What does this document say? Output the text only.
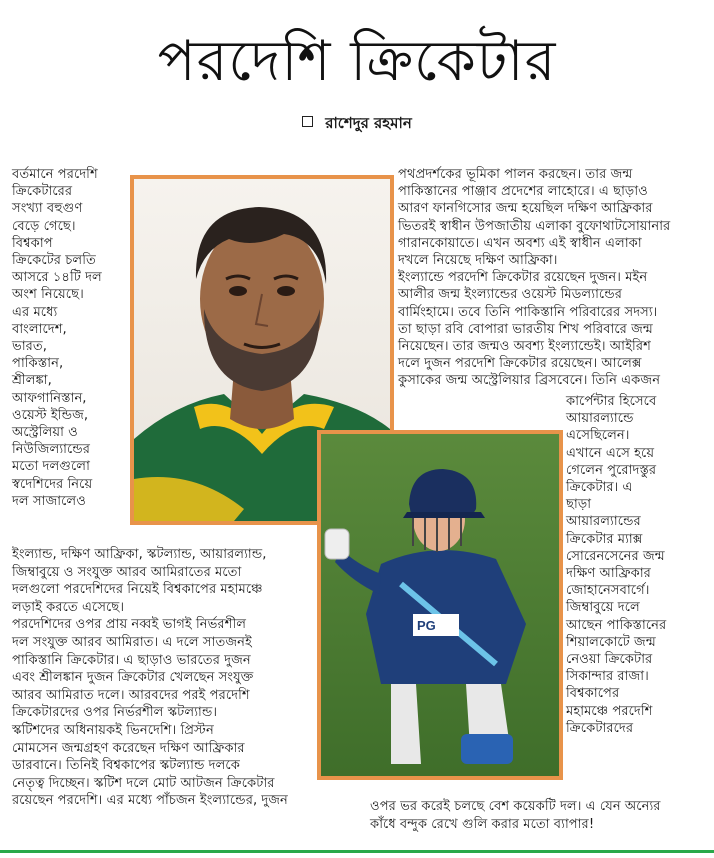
পরদেশি ক্রিকেটার
রাশেদুর রহমান
PG
বর্তমানে পরদেশি
ক্রিকেটারের
সংখ্যা বহুগুণ
বেড়ে গেছে।
বিশ্বকাপ
ক্রিকেটের চলতি
আসরে ১৪টি দল
অংশ নিয়েছে।
এর মধ্যে
বাংলাদেশ,
ভারত,
পাকিস্তান,
শ্রীলঙ্কা,
আফগানিস্তান,
ওয়েস্ট ইন্ডিজ,
অস্ট্রেলিয়া ও
নিউজিল্যান্ডের
মতো দলগুলো
স্বদেশিদের নিয়ে
দল সাজালেও
ইংল্যান্ড, দক্ষিণ আফ্রিকা, স্কটল্যান্ড, আয়ারল্যান্ড,
জিম্বাবুয়ে ও সংযুক্ত আরব আমিরাতের মতো
দলগুলো পরদেশিদের নিয়েই বিশ্বকাপের মহামঞ্চে
লড়াই করতে এসেছে।
পরদেশিদের ওপর প্রায় নব্বই ভাগই নির্ভরশীল
দল সংযুক্ত আরব আমিরাত। এ দলে সাতজনই
পাকিস্তানি ক্রিকেটার। এ ছাড়াও ভারতের দুজন
এবং শ্রীলঙ্কান দুজন ক্রিকেটার খেলছেন সংযুক্ত
আরব আমিরাত দলে। আরবদের পরই পরদেশি
ক্রিকেটারদের ওপর নির্ভরশীল স্কটল্যান্ড।
স্কটিশদের অধিনায়কই ভিনদেশি। প্রিস্টন
মোমসেন জন্মগ্রহণ করেছেন দক্ষিণ আফ্রিকার
ডারবানে। তিনিই বিশ্বকাপের স্কটল্যান্ড দলকে
নেতৃত্ব দিচ্ছেন। স্কটিশ দলে মোট আটজন ক্রিকেটার
রয়েছেন পরদেশি। এর মধ্যে পাঁচজন ইংল্যান্ডের, দুজন
পথপ্রদর্শকের ভূমিকা পালন করছেন। তার জন্ম
পাকিস্তানের পাঞ্জাব প্রদেশের লাহোরে। এ ছাড়াও
আরণ ফানগিসোর জন্ম হয়েছিল দক্ষিণ আফ্রিকার
ভিতরই স্বাধীন উপজাতীয় এলাকা বুফোথাটসোয়ানার
গারানকোয়াতে। এখন অবশ্য এই স্বাধীন এলাকা
দখলে নিয়েছে দক্ষিণ আফ্রিকা।
ইংল্যান্ডে পরদেশি ক্রিকেটার রয়েছেন দুজন। মইন
আলীর জন্ম ইংল্যান্ডের ওয়েস্ট মিডল্যান্ডের
বার্মিংহামে। তবে তিনি পাকিস্তানি পরিবারের সদস্য।
তা ছাড়া রবি বোপারা ভারতীয় শিখ পরিবারে জন্ম
নিয়েছেন। তার জন্মও অবশ্য ইংল্যান্ডেই। আইরিশ
দলে দুজন পরদেশি ক্রিকেটার রয়েছেন। আলেক্স
কুসাকের জন্ম অস্ট্রেলিয়ার ব্রিসবেনে। তিনি একজন
কার্পেন্টার হিসেবে
আয়ারল্যান্ডে
এসেছিলেন।
এখানে এসে হয়ে
গেলেন পুরোদস্তুর
ক্রিকেটার। এ
ছাড়া
আয়ারল্যান্ডের
ক্রিকেটার ম্যাক্স
সোরেনসেনের জন্ম
দক্ষিণ আফ্রিকার
জোহানেসবার্গে।
জিম্বাবুয়ে দলে
আছেন পাকিস্তানের
শিয়ালকোটে জন্ম
নেওয়া ক্রিকেটার
সিকান্দার রাজা।
বিশ্বকাপের
মহামঞ্চে পরদেশি
ক্রিকেটারদের
ওপর ভর করেই চলছে বেশ কয়েকটি দল। এ যেন অন্যের
কাঁধে বন্দুক রেখে গুলি করার মতো ব্যাপার!
